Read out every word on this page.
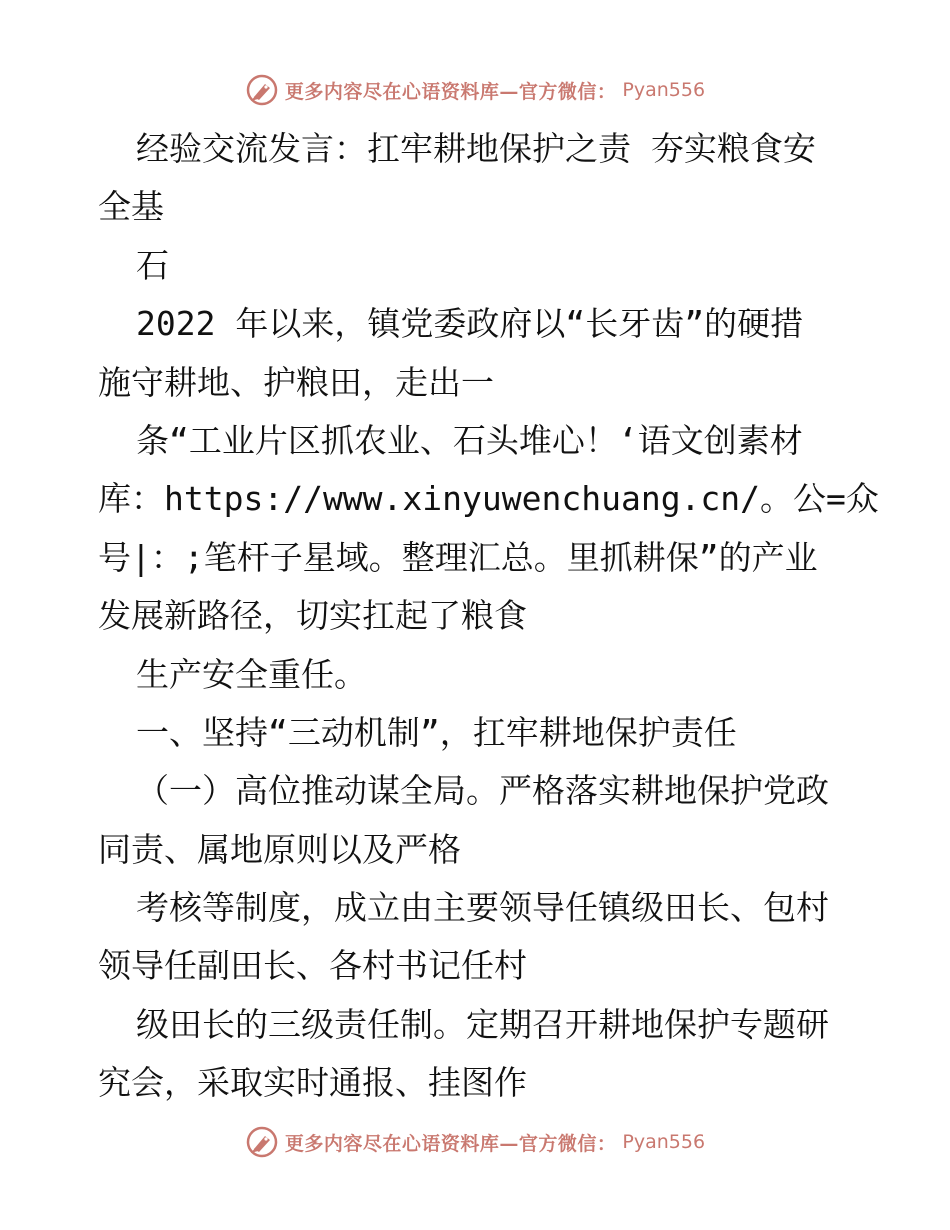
更多内容尽在心语资料库—官方微信： Pyan556
经验交流发言：扛牢耕地保护之责 夯实粮食安
全基
石
2022 年以来，镇党委政府以“长牙齿”的硬措
施守耕地、护粮田，走出一
条“工业片区抓农业、石头堆心！‘语文创素材
库：https://www.xinyuwenchuang.cn/。公=众
号|：;笔杆子星域。整理汇总。里抓耕保”的产业
发展新路径，切实扛起了粮食
生产安全重任。
一、坚持“三动机制”，扛牢耕地保护责任
（一）高位推动谋全局。严格落实耕地保护党政
同责、属地原则以及严格
考核等制度，成立由主要领导任镇级田长、包村
领导任副田长、各村书记任村
级田长的三级责任制。定期召开耕地保护专题研
究会，采取实时通报、挂图作
更多内容尽在心语资料库—官方微信： Pyan556
